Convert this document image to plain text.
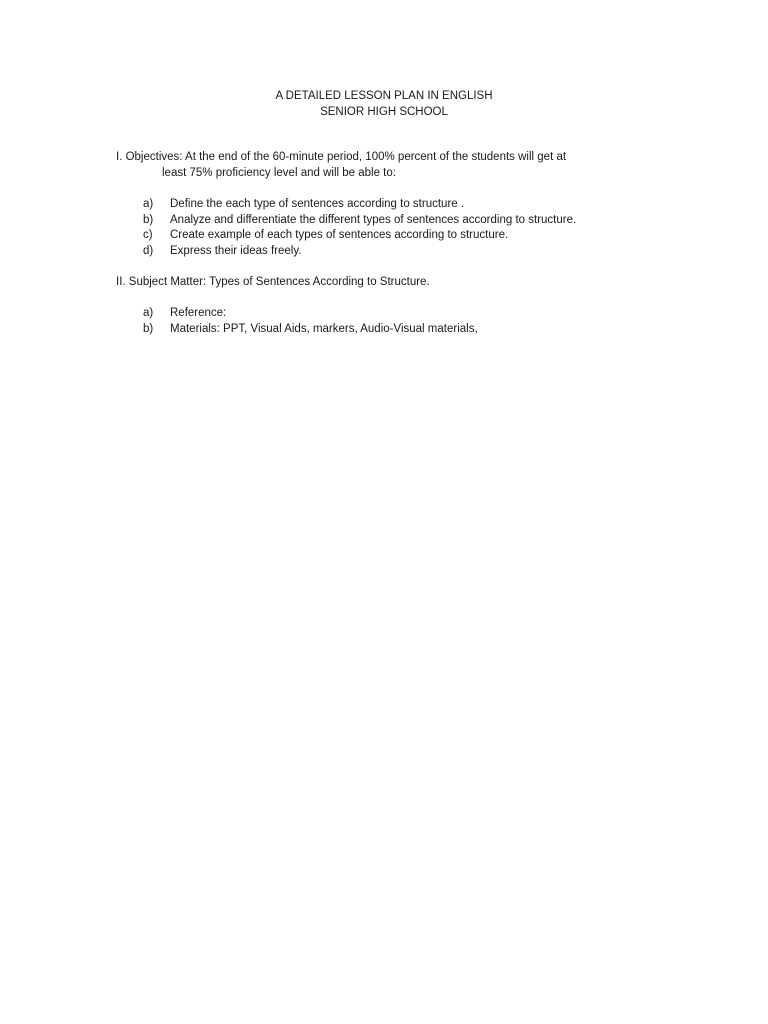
A DETAILED LESSON PLAN IN ENGLISH
SENIOR HIGH SCHOOL
I. Objectives: At the end of the 60-minute period, 100% percent of the students will get at
least 75% proficiency level and will be able to:
a)	Define the each type of sentences according to structure .
b)	Analyze and differentiate the different types of sentences according to structure.
c)	Create example of each types of sentences according to structure.
d)	Express their ideas freely.
II. Subject Matter: Types of Sentences According to Structure.
a)	Reference:
b)	Materials: PPT, Visual Aids, markers, Audio-Visual materials,
